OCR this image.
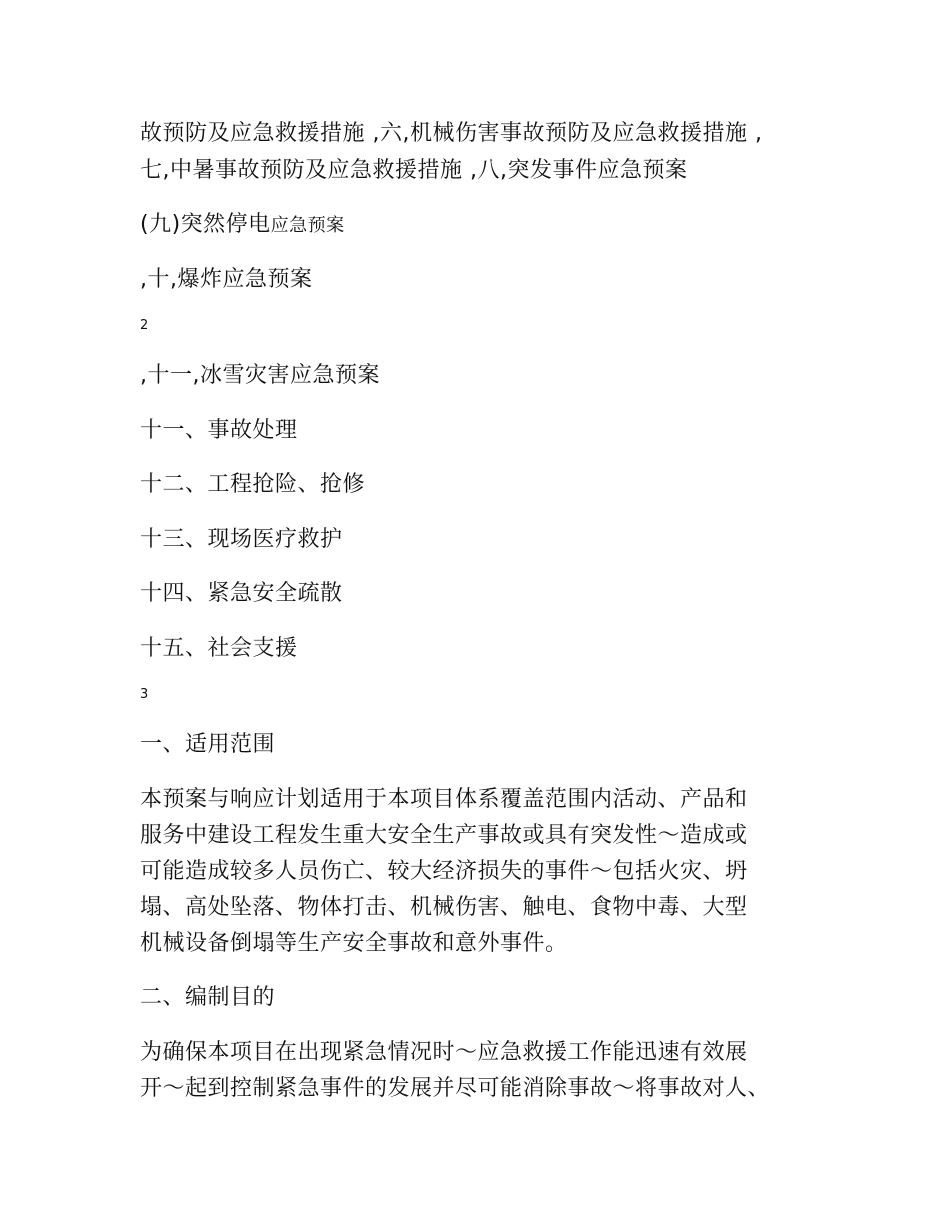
故预防及应急救援措施 ,六,机械伤害事故预防及应急救援措施 ,
七,中暑事故预防及应急救援措施 ,八,突发事件应急预案
(九)突然停电应急预案
,十,爆炸应急预案
2
,十一,冰雪灾害应急预案
十一、事故处理
十二、工程抢险、抢修
十三、现场医疗救护
十四、紧急安全疏散
十五、社会支援
3
一、适用范围
本预案与响应计划适用于本项目体系覆盖范围内活动、产品和
服务中建设工程发生重大安全生产事故或具有突发性～造成或
可能造成较多人员伤亡、较大经济损失的事件～包括火灾、坍
塌、高处坠落、物体打击、机械伤害、触电、食物中毒、大型
机械设备倒塌等生产安全事故和意外事件。
二、编制目的
为确保本项目在出现紧急情况时～应急救援工作能迅速有效展
开～起到控制紧急事件的发展并尽可能消除事故～将事故对人、
